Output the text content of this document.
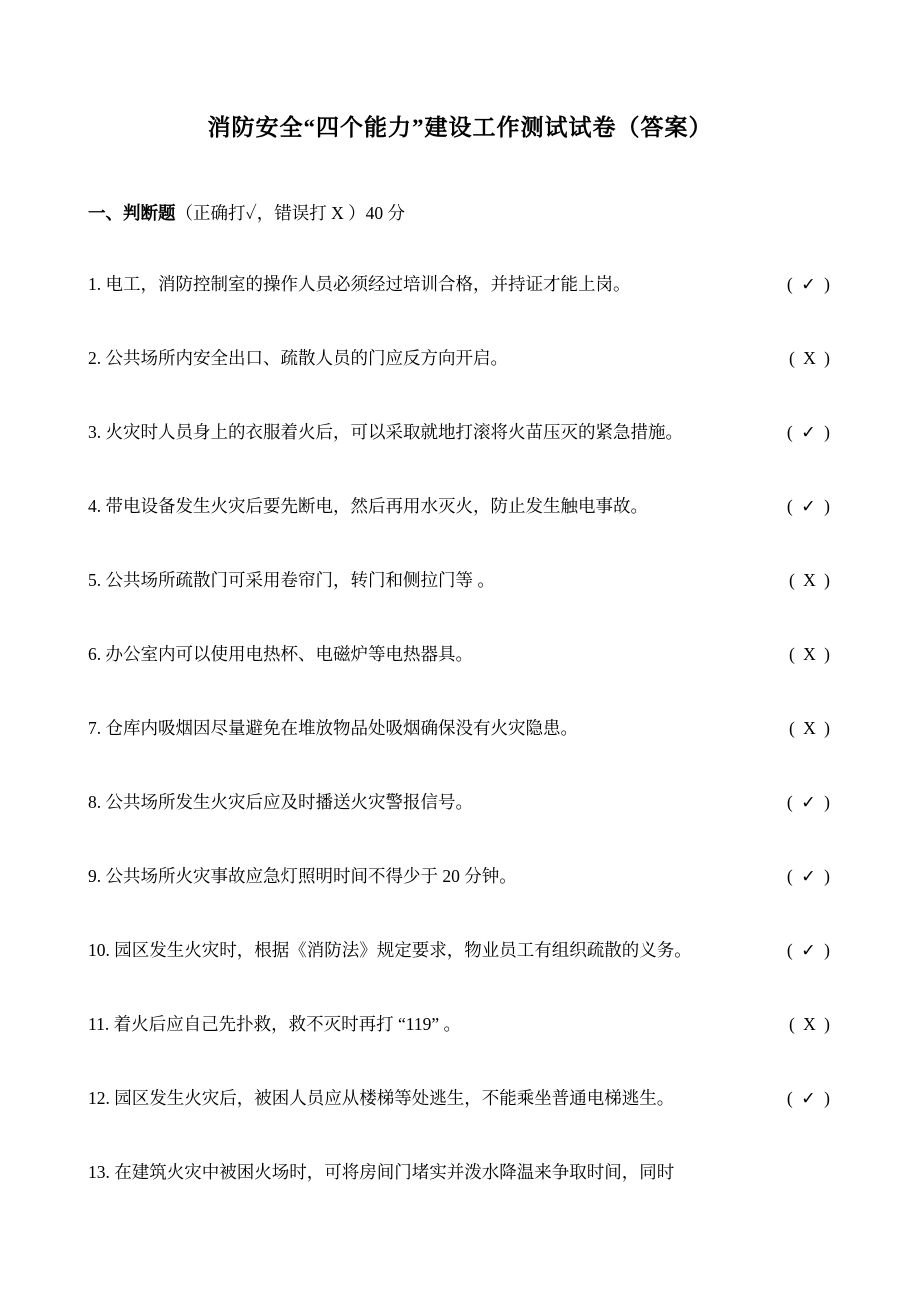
消防安全“四个能力”建设工作测试试卷（答案）
一、判断题（正确打✓，错误打 X ）40 分
1. 电工，消防控制室的操作人员必须经过培训合格，并持证才能上岗。	( ✓ )
2. 公共场所内安全出口、疏散人员的门应反方向开启。	( X )
3. 火灾时人员身上的衣服着火后，可以采取就地打滚将火苗压灭的紧急措施。	( ✓ )
4. 带电设备发生火灾后要先断电，然后再用水灭火，防止发生触电事故。	( ✓ )
5. 公共场所疏散门可采用卷帘门，转门和侧拉门等 。	( X )
6. 办公室内可以使用电热杯、电磁炉等电热器具。	( X )
7. 仓库内吸烟因尽量避免在堆放物品处吸烟确保没有火灾隐患。	( X )
8. 公共场所发生火灾后应及时播送火灾警报信号。	( ✓ )
9. 公共场所火灾事故应急灯照明时间不得少于 20 分钟。	( ✓ )
10. 园区发生火灾时，根据《消防法》规定要求，物业员工有组织疏散的义务。	( ✓ )
11. 着火后应自己先扑救，救不灭时再打 “119” 。	( X )
12. 园区发生火灾后，被困人员应从楼梯等处逃生，不能乘坐普通电梯逃生。	( ✓ )
13. 在建筑火灾中被困火场时，可将房间门堵实并泼水降温来争取时间，同时
